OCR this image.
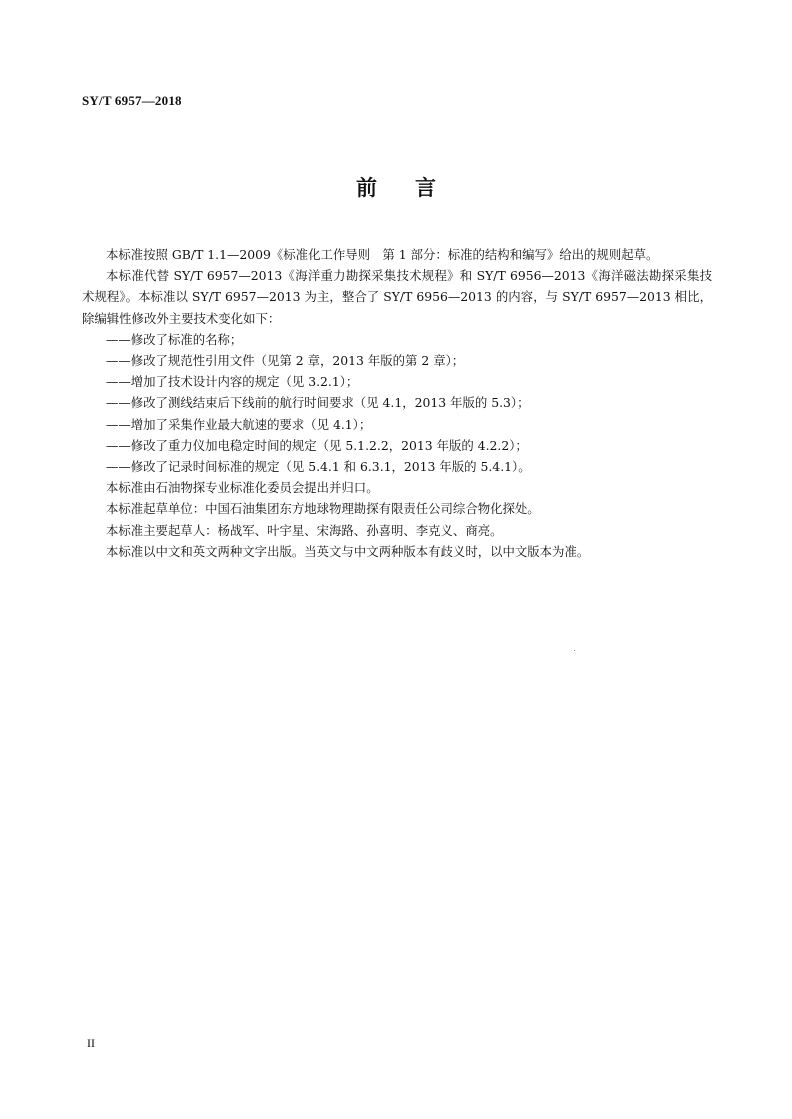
SY/T 6957—2018

前 言

本标准按照 GB/T 1.1—2009《标准化工作导则　第 1 部分：标准的结构和编写》给出的规则起草。

本标准代替 SY/T 6957—2013《海洋重力勘探采集技术规程》和 SY/T 6956—2013《海洋磁法勘探采集技术规程》。本标准以 SY/T 6957—2013 为主，整合了 SY/T 6956—2013 的内容，与 SY/T 6957—2013 相比，除编辑性修改外主要技术变化如下：

——修改了标准的名称；

——修改了规范性引用文件（见第 2 章，2013 年版的第 2 章）；

——增加了技术设计内容的规定（见 3.2.1）；

——修改了测线结束后下线前的航行时间要求（见 4.1，2013 年版的 5.3）；

——增加了采集作业最大航速的要求（见 4.1）；

——修改了重力仪加电稳定时间的规定（见 5.1.2.2，2013 年版的 4.2.2）；

——修改了记录时间标准的规定（见 5.4.1 和 6.3.1，2013 年版的 5.4.1）。

本标准由石油物探专业标准化委员会提出并归口。

本标准起草单位：中国石油集团东方地球物理勘探有限责任公司综合物化探处。

本标准主要起草人：杨战军、叶宇星、宋海路、孙喜明、李克义、商亮。

本标准以中文和英文两种文字出版。当英文与中文两种版本有歧义时，以中文版本为准。

II
